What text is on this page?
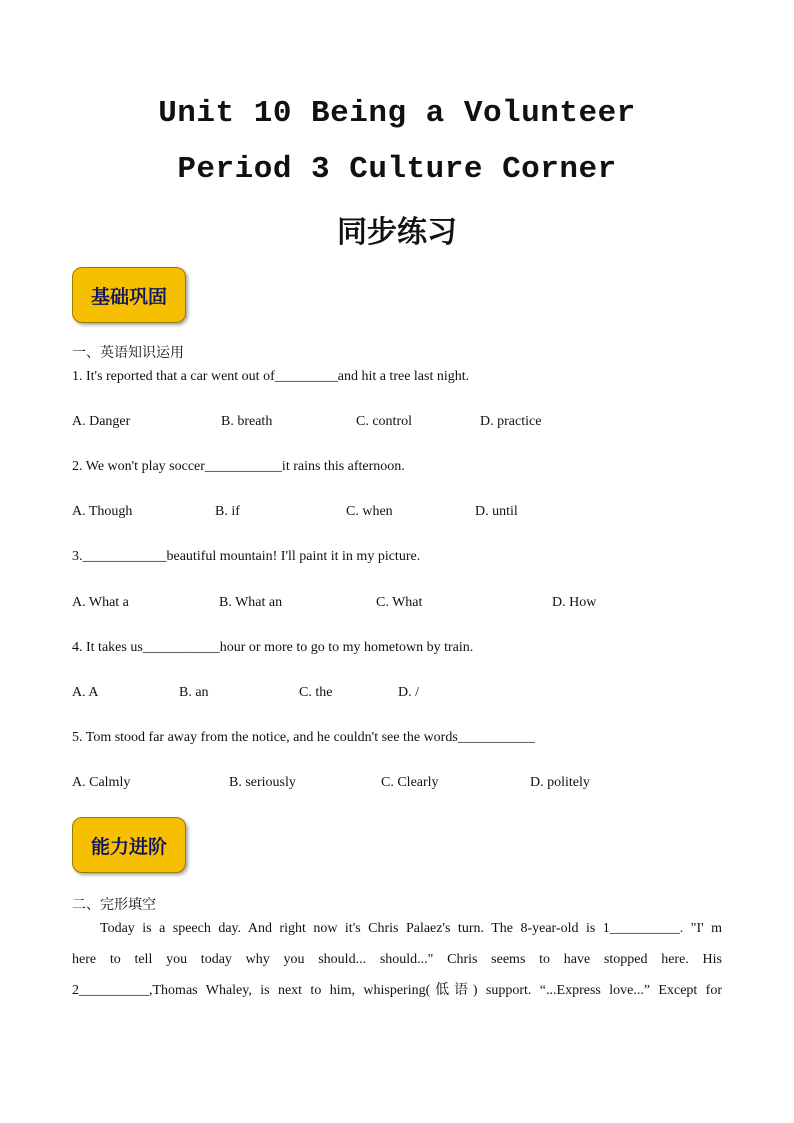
Unit 10 Being a Volunteer
Period 3 Culture Corner
同步练习
基础巩固
一、英语知识运用
1. It's reported that a car went out of_________and hit a tree last night.
A. Danger	B. breath	C. control	D. practice
2. We won't play soccer___________it rains this afternoon.
A. Though	B. if	C. when	D. until
3.____________beautiful mountain! I'll paint it in my picture.
A. What a	B. What an	C. What	D. How
4. It takes us___________hour or more to go to my hometown by train.
A. A	B. an	C. the	D. /
5. Tom stood far away from the notice, and he couldn't see the words___________
A. Calmly	B. seriously	C. Clearly	D. politely
能力进阶
二、完形填空
Today is a speech day. And right now it's Chris Palaez's turn. The 8-year-old is 1__________. "I' m
here to tell you today why you should... should..." Chris seems to have stopped here. His
2__________,Thomas Whaley, is next to him, whispering(低语) support. “...Express love...” Except for
